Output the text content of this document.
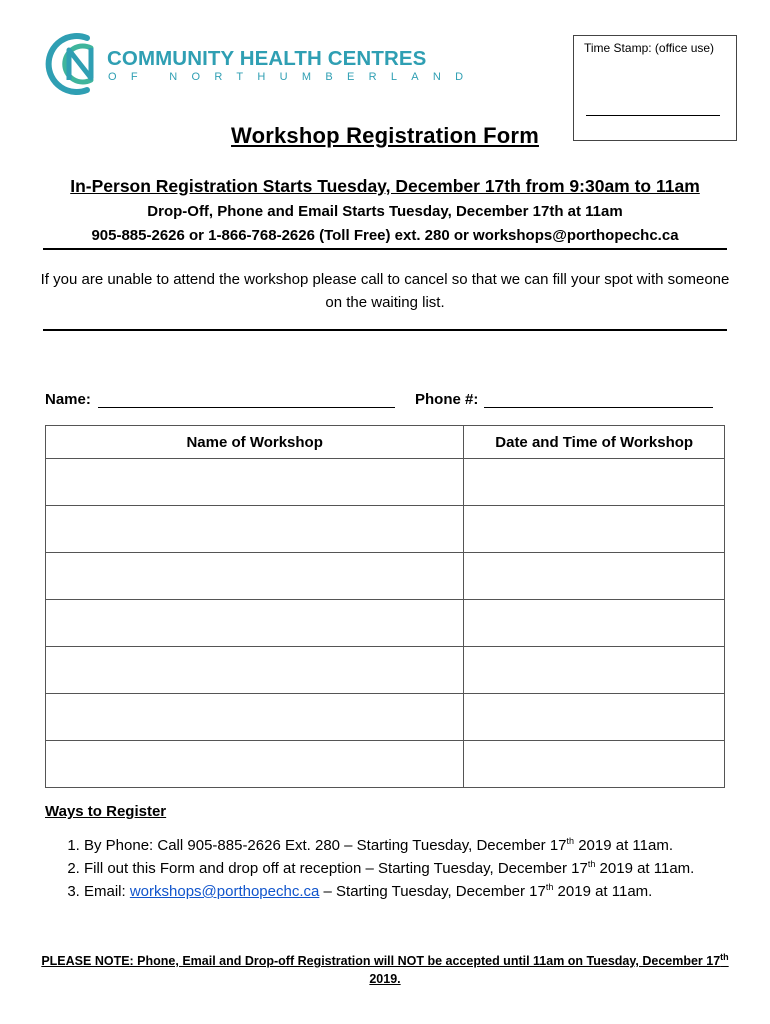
COMMUNITY HEALTH CENTRES
OF NORTHUMBERLAND
Time Stamp: (office use)
Workshop Registration Form
In-Person Registration Starts Tuesday, December 17th from 9:30am to 11am
Drop-Off, Phone and Email Starts Tuesday, December 17th at 11am
905-885-2626 or 1-866-768-2626 (Toll Free) ext. 280 or workshops@porthopechc.ca
If you are unable to attend the workshop please call to cancel so that we can fill your spot with someone on the waiting list.
Name:	Phone #:
Name of Workshop	Date and Time of Workshop

Ways to Register
1. By Phone: Call 905-885-2626 Ext. 280 – Starting Tuesday, December 17th 2019 at 11am.
2. Fill out this Form and drop off at reception – Starting Tuesday, December 17th 2019 at 11am.
3. Email: workshops@porthopechc.ca – Starting Tuesday, December 17th 2019 at 11am.
PLEASE NOTE: Phone, Email and Drop-off Registration will NOT be accepted until 11am on Tuesday, December 17th 2019.
